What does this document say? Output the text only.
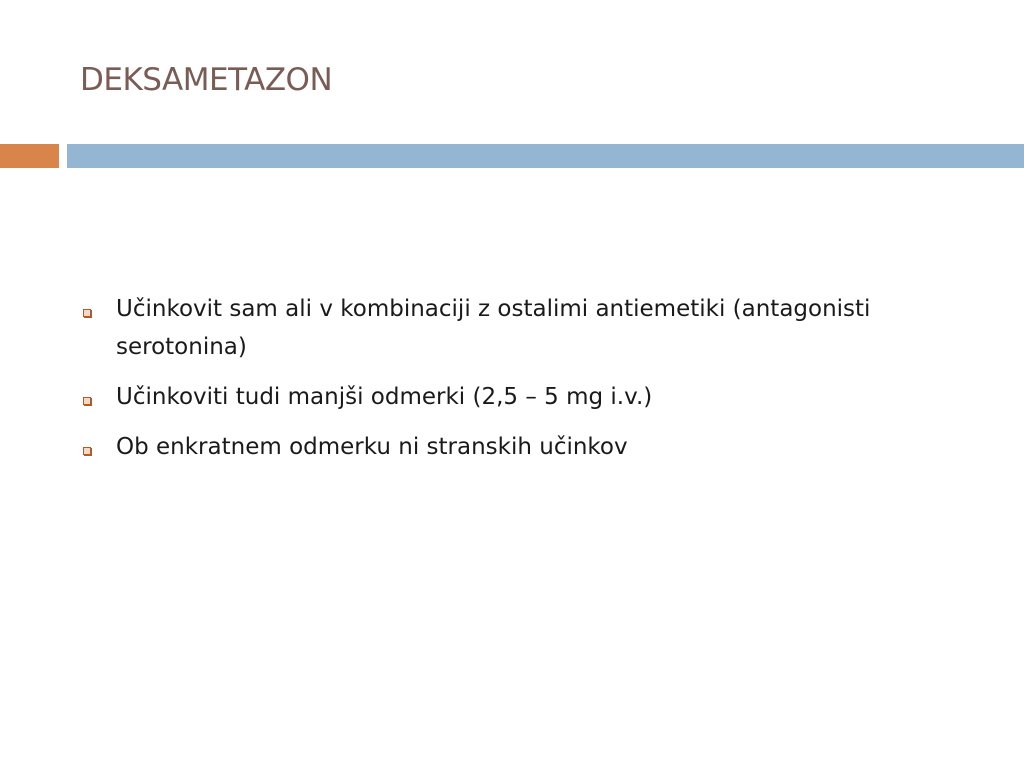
DEKSAMETAZON
Učinkovit sam ali v kombinaciji z ostalimi antiemetiki (antagonisti serotonina)
Učinkoviti tudi manjši odmerki (2,5 – 5 mg i.v.)
Ob enkratnem odmerku ni stranskih učinkov
